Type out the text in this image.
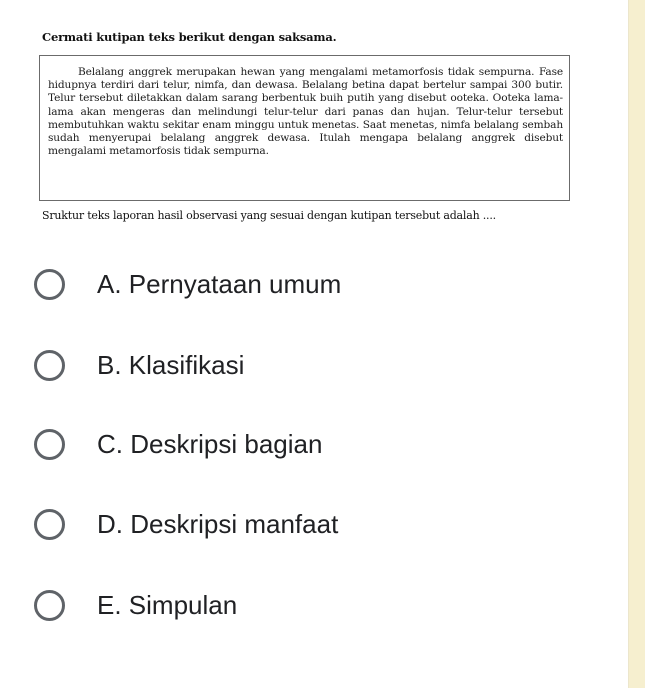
Cermati kutipan teks berikut dengan saksama.

Belalang anggrek merupakan hewan yang mengalami metamorfosis tidak sempurna. Fase hidupnya terdiri dari telur, nimfa, dan dewasa. Belalang betina dapat bertelur sampai 300 butir. Telur tersebut diletakkan dalam sarang berbentuk buih putih yang disebut ooteka. Ooteka lama-lama akan mengeras dan melindungi telur-telur dari panas dan hujan. Telur-telur tersebut membutuhkan waktu sekitar enam minggu untuk menetas. Saat menetas, nimfa belalang sembah sudah menyerupai belalang anggrek dewasa. Itulah mengapa belalang anggrek disebut mengalami metamorfosis tidak sempurna.

Sruktur teks laporan hasil observasi yang sesuai dengan kutipan tersebut adalah ....
A. Pernyataan umum
B. Klasifikasi
C. Deskripsi bagian
D. Deskripsi manfaat
E. Simpulan
